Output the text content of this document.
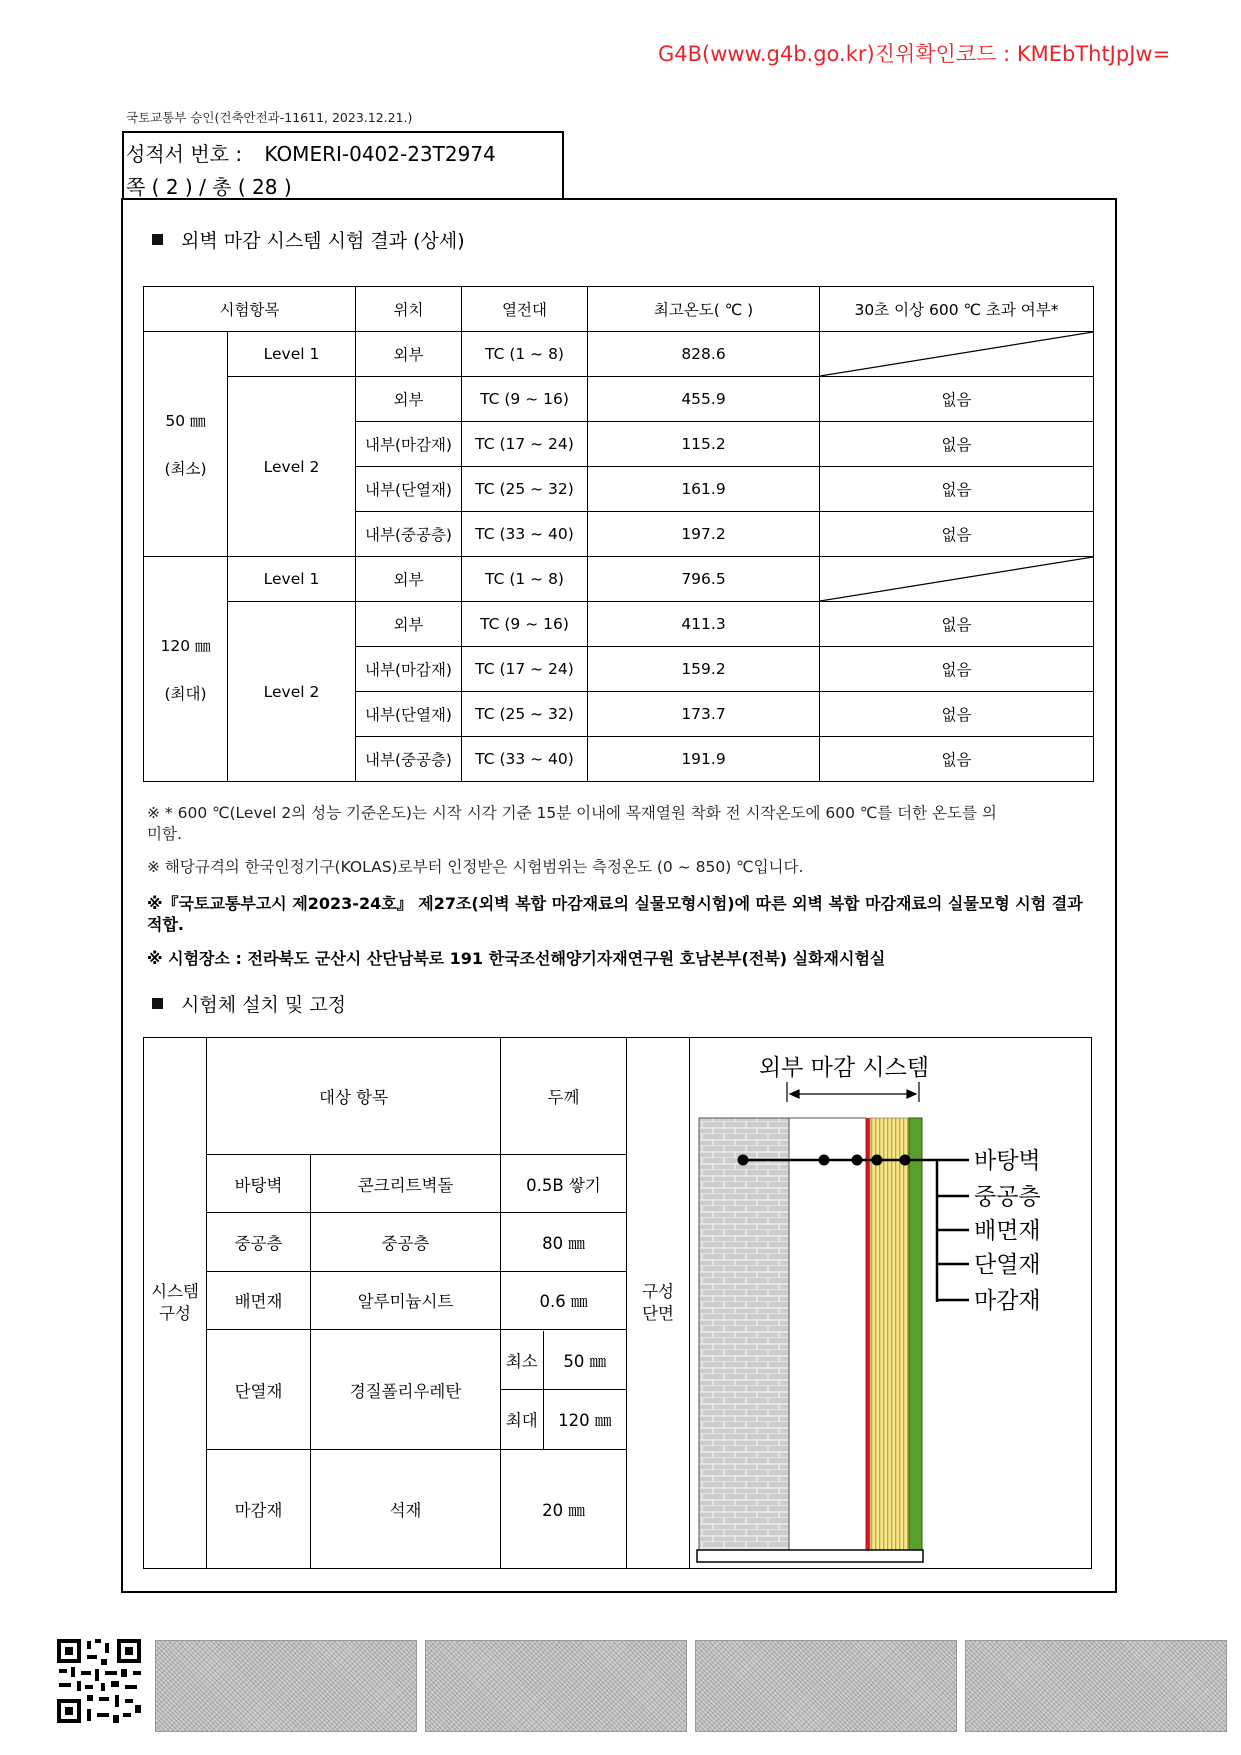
G4B(www.g4b.go.kr)진위확인코드 : KMEbThtJpJw=
국토교통부 승인(건축안전과-11611, 2023.12.21.)
성적서 번호 : KOMERI-0402-23T2974
쪽 ( 2 ) / 총 ( 28 )
외벽 마감 시스템 시험 결과 (상세)
시험항목		위치	열전대	최고온도( ℃ )	30초 이상 600 ℃ 초과 여부*

50 ㎜
(최소)	Level 1	외부	TC (1 ~ 8)	828.6	

	Level 2	외부	TC (9 ~ 16)	455.9	없음
		내부(마감재)	TC (17 ~ 24)	115.2	없음
		내부(단열재)	TC (25 ~ 32)	161.9	없음
		내부(중공층)	TC (33 ~ 40)	197.2	없음

120 ㎜
(최대)	Level 1	외부	TC (1 ~ 8)	796.5	

	Level 2	외부	TC (9 ~ 16)	411.3	없음
		내부(마감재)	TC (17 ~ 24)	159.2	없음
		내부(단열재)	TC (25 ~ 32)	173.7	없음
		내부(중공층)	TC (33 ~ 40)	191.9	없음
※ * 600 ℃(Level 2의 성능 기준온도)는 시작 시각 기준 15분 이내에 목재열원 착화 전 시작온도에 600 ℃를 더한 온도를 의미함.
※ 해당규격의 한국인정기구(KOLAS)로부터 인정받은 시험범위는 측정온도 (0 ~ 850) ℃입니다.
※『국토교통부고시 제2023-24호』 제27조(외벽 복합 마감재료의 실물모형시험)에 따른 외벽 복합 마감재료의 실물모형 시험 결과 적합.
※ 시험장소 : 전라북도 군산시 산단남북로 191 한국조선해양기자재연구원 호남본부(전북) 실화재시험실
시험체 설치 및 고정
시스템
구성
	대상 항목	두께	
구성
단면

외부 마감 시스템
바탕벽
중공층
배면재
단열재
마감재

바탕벽	콘크리트벽돌	0.5B 쌓기
중공층	중공층	80 ㎜
배면재	알루미늄시트	0.6 ㎜
단열재	경질폴리우레탄	
최소	50 ㎜
최대	120 ㎜

마감재	석재	20 ㎜
